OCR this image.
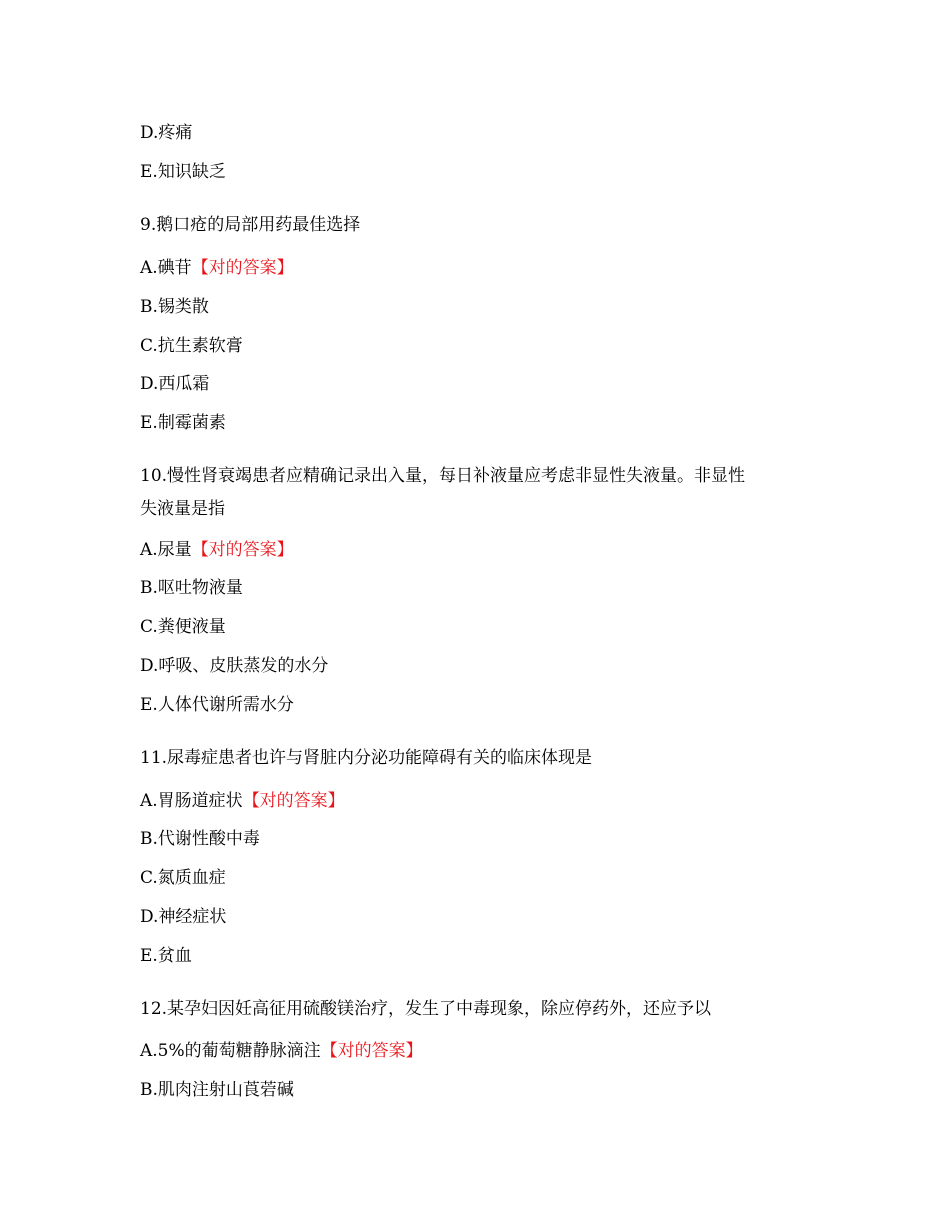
D.疼痛
E.知识缺乏
9.鹅口疮的局部用药最佳选择
A.碘苷【对的答案】
B.锡类散
C.抗生素软膏
D.西瓜霜
E.制霉菌素
10.慢性肾衰竭患者应精确记录出入量，每日补液量应考虑非显性失液量。非显性
失液量是指
A.尿量【对的答案】
B.呕吐物液量
C.粪便液量
D.呼吸、皮肤蒸发的水分
E.人体代谢所需水分
11.尿毒症患者也许与肾脏内分泌功能障碍有关的临床体现是
A.胃肠道症状【对的答案】
B.代谢性酸中毒
C.氮质血症
D.神经症状
E.贫血
12.某孕妇因妊高征用硫酸镁治疗，发生了中毒现象，除应停药外，还应予以
A.5%的葡萄糖静脉滴注【对的答案】
B.肌肉注射山莨菪碱
